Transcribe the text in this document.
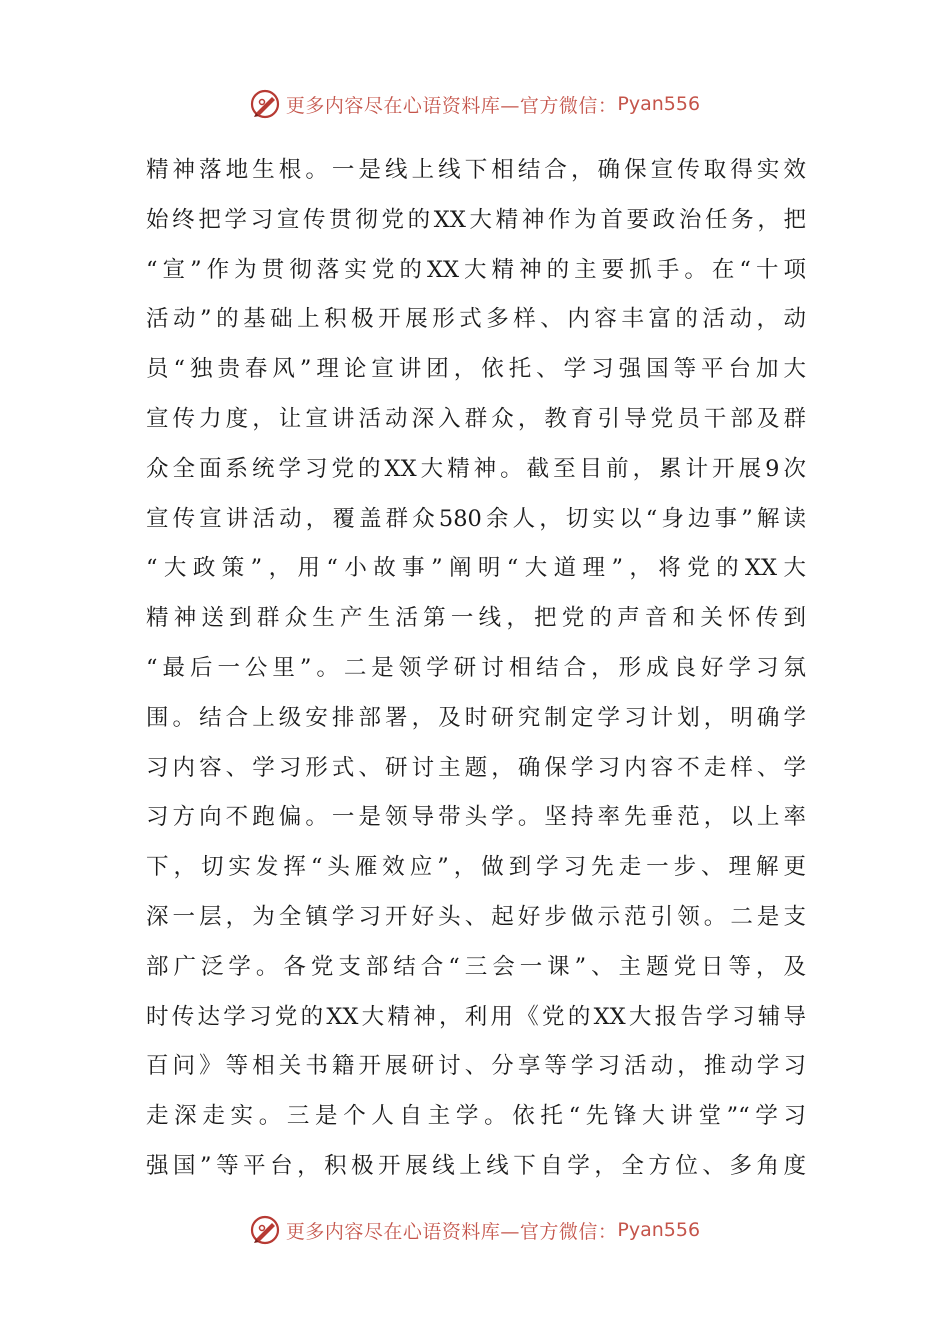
更多内容尽在心语资料库—官方微信： Pyan556
精神落地生根。一是线上线下相结合，确保宣传取得实效
始终把学习宣传贯彻党的XX大精神作为首要政治任务，把
“宣”作为贯彻落实党的XX大精神的主要抓手。在“十项
活动”的基础上积极开展形式多样、内容丰富的活动，动
员“独贵春风”理论宣讲团，依托、学习强国等平台加大
宣传力度，让宣讲活动深入群众，教育引导党员干部及群
众全面系统学习党的XX大精神。截至目前，累计开展9次
宣传宣讲活动，覆盖群众580余人，切实以“身边事”解读
“大政策”，用“小故事”阐明“大道理”，将党的XX大
精神送到群众生产生活第一线，把党的声音和关怀传到
“最后一公里”。二是领学研讨相结合，形成良好学习氛
围。结合上级安排部署，及时研究制定学习计划，明确学
习内容、学习形式、研讨主题，确保学习内容不走样、学
习方向不跑偏。一是领导带头学。坚持率先垂范，以上率
下，切实发挥“头雁效应”，做到学习先走一步、理解更
深一层，为全镇学习开好头、起好步做示范引领。二是支
部广泛学。各党支部结合“三会一课”、主题党日等，及
时传达学习党的XX大精神，利用《党的XX大报告学习辅导
百问》等相关书籍开展研讨、分享等学习活动，推动学习
走深走实。三是个人自主学。依托“先锋大讲堂”“学习
强国”等平台，积极开展线上线下自学，全方位、多角度
更多内容尽在心语资料库—官方微信： Pyan556
